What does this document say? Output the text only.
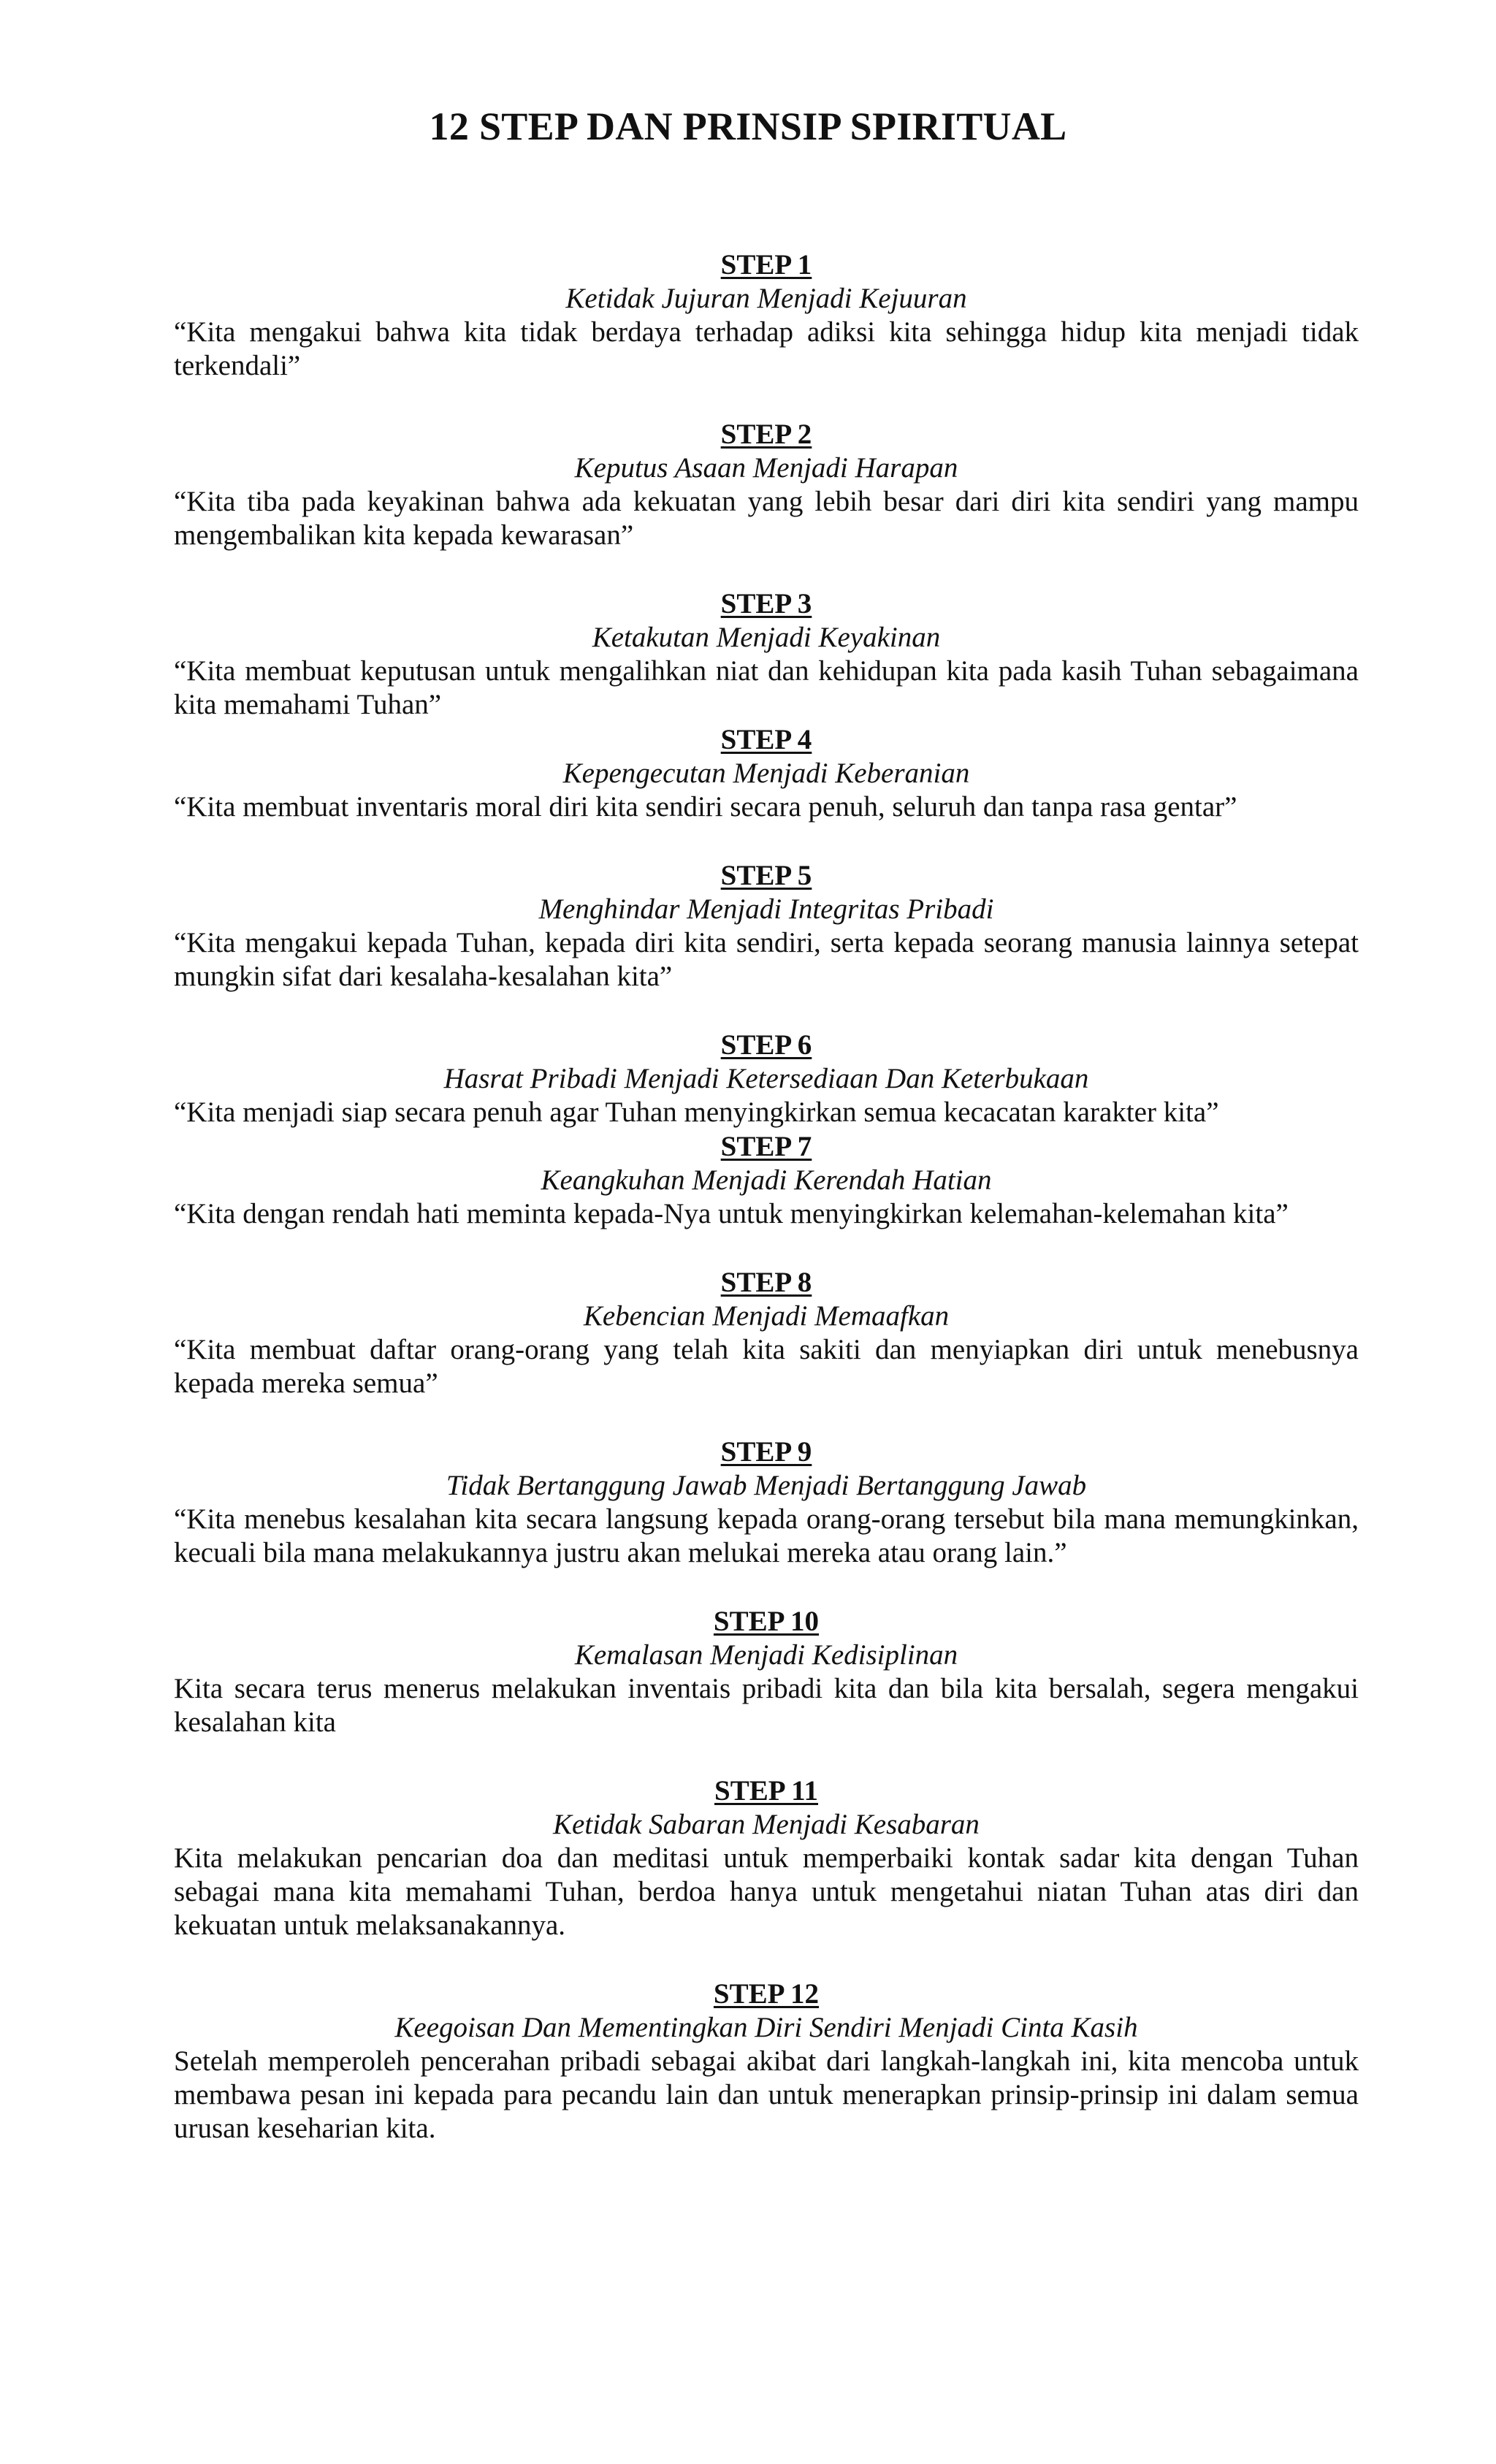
12 STEP DAN PRINSIP SPIRITUAL
STEP 1
Ketidak Jujuran Menjadi Kejuuran
“Kita mengakui bahwa kita tidak berdaya terhadap adiksi kita sehingga hidup kita menjadi tidak terkendali”
STEP 2
Keputus Asaan Menjadi Harapan
“Kita tiba pada keyakinan bahwa ada kekuatan yang lebih besar dari diri kita sendiri yang mampu mengembalikan kita kepada kewarasan”
STEP 3
Ketakutan Menjadi Keyakinan
“Kita membuat keputusan untuk mengalihkan niat dan kehidupan kita pada kasih Tuhan sebagaimana kita memahami Tuhan”
STEP 4
Kepengecutan Menjadi Keberanian
“Kita membuat inventaris moral diri kita sendiri secara penuh, seluruh dan tanpa rasa gentar”
STEP 5
Menghindar Menjadi Integritas Pribadi
“Kita mengakui kepada Tuhan, kepada diri kita sendiri, serta kepada seorang manusia lainnya setepat mungkin sifat dari kesalaha-kesalahan kita”
STEP 6
Hasrat Pribadi Menjadi Ketersediaan Dan Keterbukaan
“Kita menjadi siap secara penuh agar Tuhan menyingkirkan semua kecacatan karakter kita”
STEP 7
Keangkuhan Menjadi Kerendah Hatian
“Kita dengan rendah hati meminta kepada-Nya untuk menyingkirkan kelemahan-kelemahan kita”
STEP 8
Kebencian Menjadi Memaafkan
“Kita membuat daftar orang-orang yang telah kita sakiti dan menyiapkan diri untuk menebusnya kepada mereka semua”
STEP 9
Tidak Bertanggung Jawab Menjadi Bertanggung Jawab
“Kita menebus kesalahan kita secara langsung kepada orang-orang tersebut bila mana memungkinkan, kecuali bila mana melakukannya justru akan melukai mereka atau orang lain.”
STEP 10
Kemalasan Menjadi Kedisiplinan
Kita secara terus menerus melakukan inventais pribadi kita dan bila kita bersalah, segera mengakui kesalahan kita
STEP 11
Ketidak Sabaran Menjadi Kesabaran
Kita melakukan pencarian doa dan meditasi untuk memperbaiki kontak sadar kita dengan Tuhan sebagai mana kita memahami Tuhan, berdoa hanya untuk mengetahui niatan Tuhan atas diri dan kekuatan untuk melaksanakannya.
STEP 12
Keegoisan Dan Mementingkan Diri Sendiri Menjadi Cinta Kasih
Setelah memperoleh pencerahan pribadi sebagai akibat dari langkah-langkah ini, kita mencoba untuk membawa pesan ini kepada para pecandu lain dan untuk menerapkan prinsip-prinsip ini dalam semua urusan keseharian kita.
